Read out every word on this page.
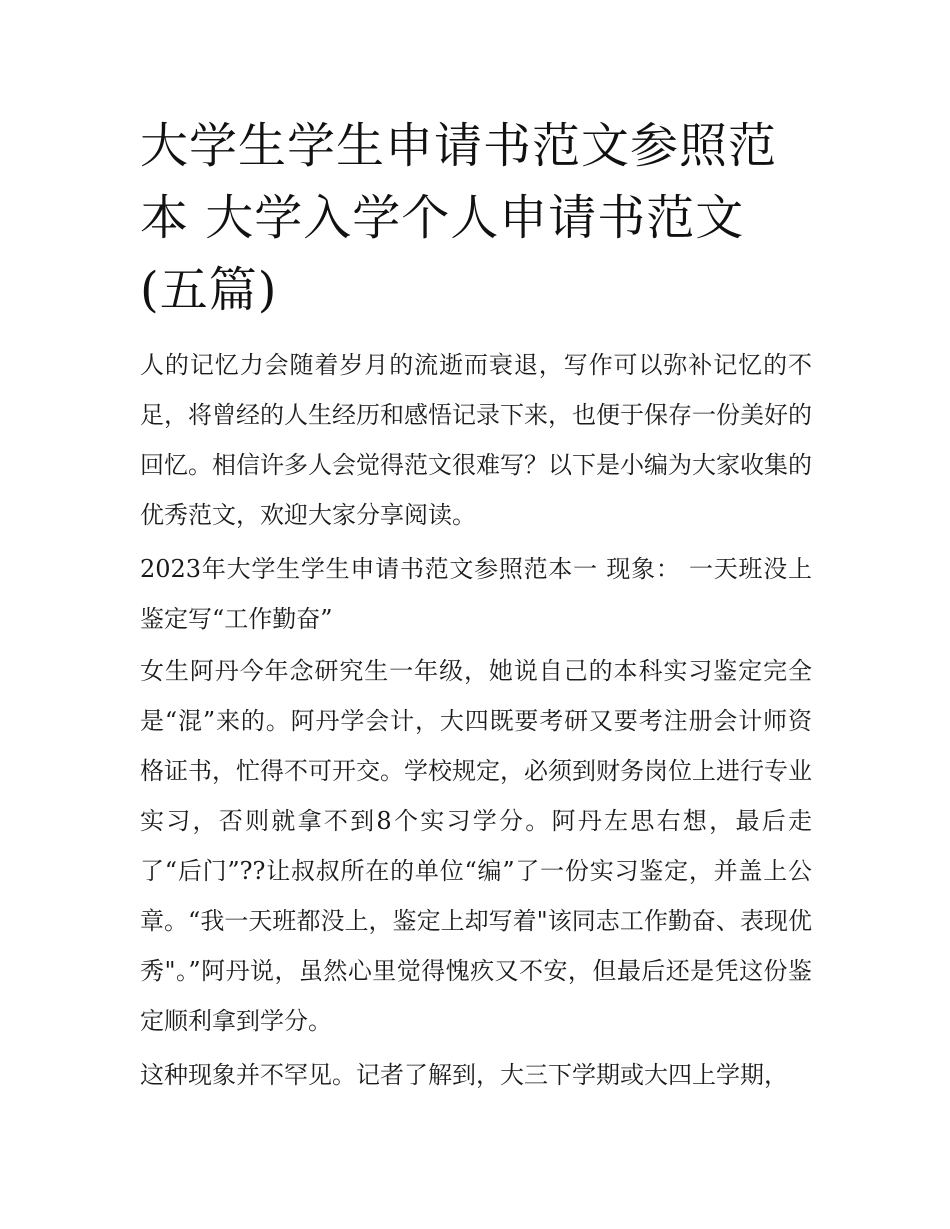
大学生学生申请书范文参照范
本 大学入学个人申请书范文
(五篇)

人的记忆力会随着岁月的流逝而衰退，写作可以弥补记忆的不足，将曾经的人生经历和感悟记录下来，也便于保存一份美好的回忆。相信许多人会觉得范文很难写？以下是小编为大家收集的优秀范文，欢迎大家分享阅读。

2023年大学生学生申请书范文参照范本一 现象： 一天班没上鉴定写“工作勤奋”

女生阿丹今年念研究生一年级，她说自己的本科实习鉴定完全是“混”来的。阿丹学会计，大四既要考研又要考注册会计师资格证书，忙得不可开交。学校规定，必须到财务岗位上进行专业实习，否则就拿不到8个实习学分。阿丹左思右想，最后走了“后门”??让叔叔所在的单位“编”了一份实习鉴定，并盖上公章。“我一天班都没上，鉴定上却写着"该同志工作勤奋、表现优秀"。”阿丹说，虽然心里觉得愧疚又不安，但最后还是凭这份鉴定顺利拿到学分。

这种现象并不罕见。记者了解到，大三下学期或大四上学期，
